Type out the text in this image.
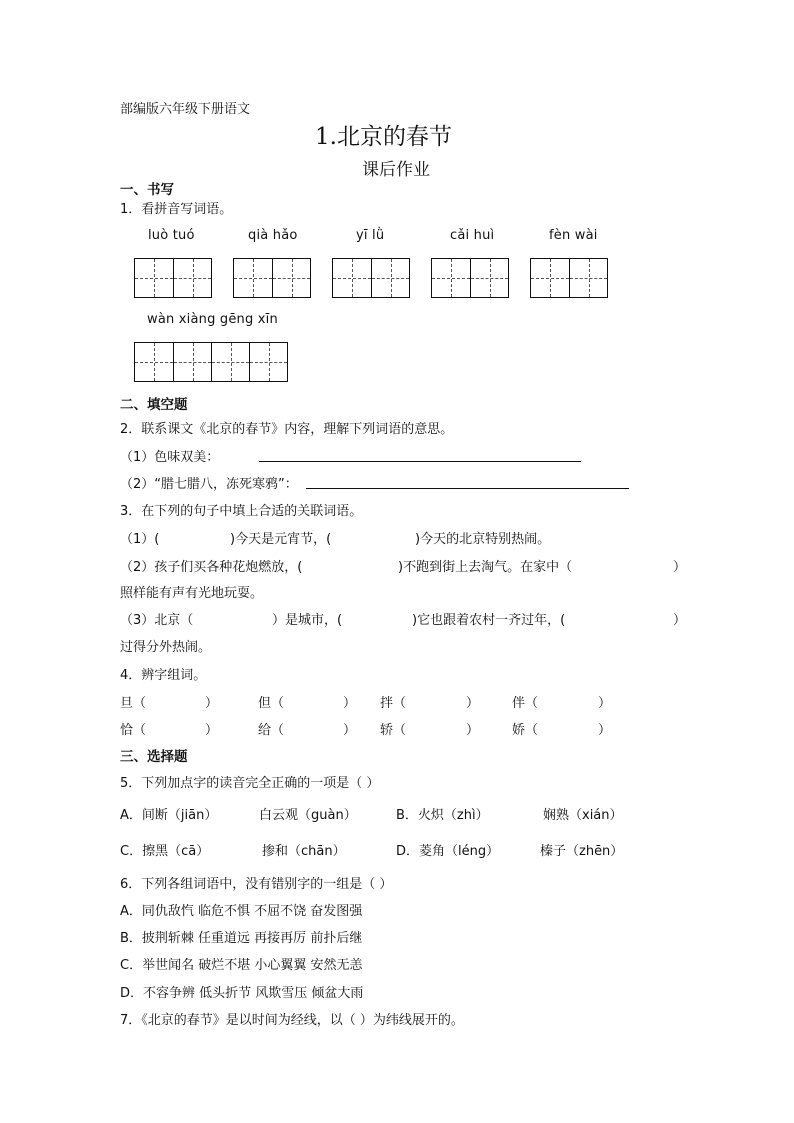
部编版六年级下册语文
1.北京的春节
课后作业
一、书写
1．看拼音写词语。
luò tuó	qià hǎo	yī lǜ	cǎi huì	fèn wài
wàn xiàng gēng xīn
二、填空题
2．联系课文《北京的春节》内容，理解下列词语的意思。
（1）色味双美：
（2）“腊七腊八，冻死寒鸦”：
3．在下列的句子中填上合适的关联词语。
（1）(	)今天是元宵节，(	)今天的北京特别热闹。
（2）孩子们买各种花炮燃放，(	)不跑到街上去淘气。在家中（	）
照样能有声有光地玩耍。
（3）北京（	）是城市，(	)它也跟着农村一齐过年，(	）
过得分外热闹。
4．辨字组词。
旦（	）	但（	） 拌（	）	伴（	）
恰（	）	给（	） 轿（	）	娇（	）
三、选择题
5．下列加点字的读音完全正确的一项是（ ）
A．间断（jiān）	白云观（guàn）	B．火炽（zhì）	娴熟（xián）
C．擦黑（cā）	掺和（chān）	D．菱角（léng）	榛子（zhēn）
6．下列各组词语中，没有错别字的一组是（ ）
A．同仇敌忾 临危不惧 不屈不饶 奋发图强
B．披荆斩棘 任重道远 再接再厉 前扑后继
C．举世闻名 破烂不堪 小心翼翼 安然无恙
D．不容争辨 低头折节 风欺雪压 倾盆大雨
7．《北京的春节》是以时间为经线，以（ ）为纬线展开的。
